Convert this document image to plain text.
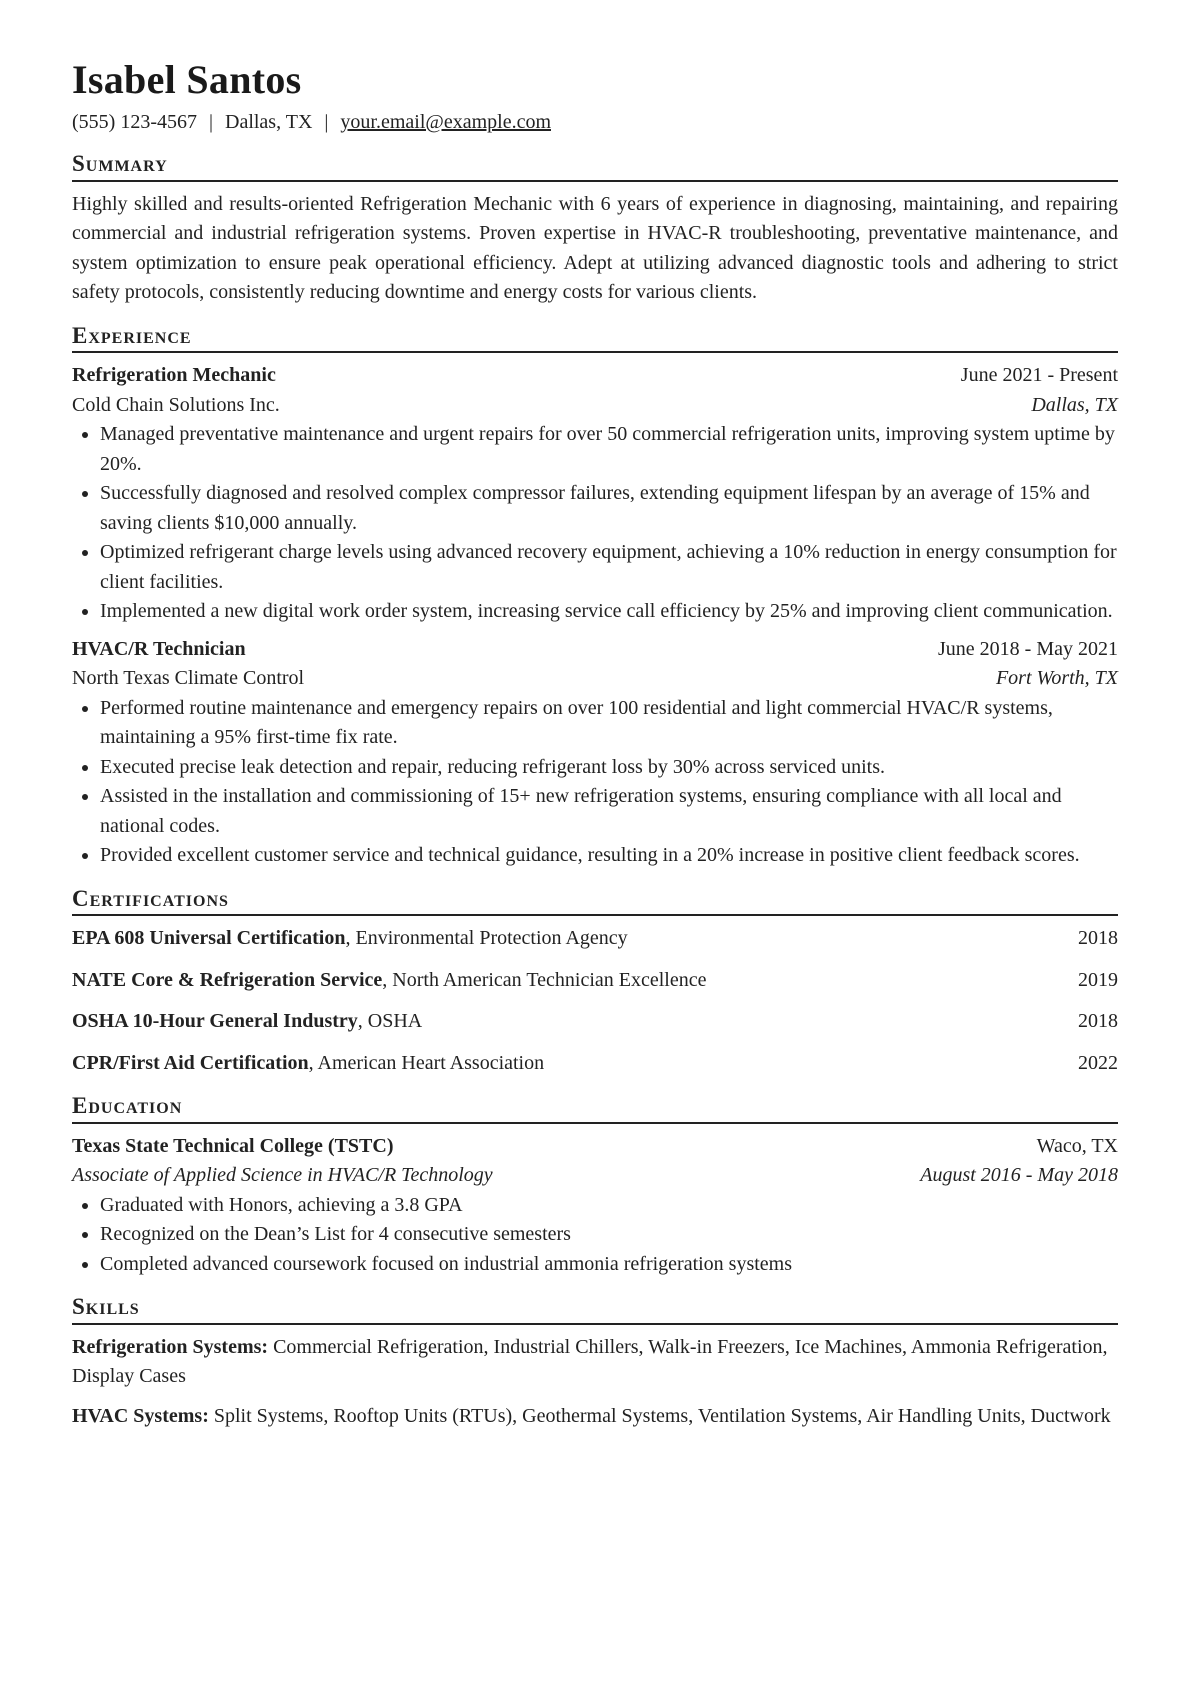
Isabel Santos
(555) 123-4567 | Dallas, TX | your.email@example.com
Summary

Highly skilled and results-oriented Refrigeration Mechanic with 6 years of experience in diagnosing, maintaining, and repairing commercial and industrial refrigeration systems. Proven expertise in HVAC-R troubleshooting, preventative maintenance, and system optimization to ensure peak operational efficiency. Adept at utilizing advanced diagnostic tools and adhering to strict safety protocols, consistently reducing downtime and energy costs for various clients.

Experience
Refrigeration Mechanic	June 2021 - Present
Cold Chain Solutions Inc.	Dallas, TX
• Managed preventative maintenance and urgent repairs for over 50 commercial refrigeration units, improving system uptime by 20%.
• Successfully diagnosed and resolved complex compressor failures, extending equipment lifespan by an average of 15% and saving clients $10,000 annually.
• Optimized refrigerant charge levels using advanced recovery equipment, achieving a 10% reduction in energy consumption for client facilities.
• Implemented a new digital work order system, increasing service call efficiency by 25% and improving client communication.
HVAC/R Technician	June 2018 - May 2021
North Texas Climate Control	Fort Worth, TX
• Performed routine maintenance and emergency repairs on over 100 residential and light commercial HVAC/R systems, maintaining a 95% first-time fix rate.
• Executed precise leak detection and repair, reducing refrigerant loss by 30% across serviced units.
• Assisted in the installation and commissioning of 15+ new refrigeration systems, ensuring compliance with all local and national codes.
• Provided excellent customer service and technical guidance, resulting in a 20% increase in positive client feedback scores.
Certifications
EPA 608 Universal Certification, Environmental Protection Agency	2018
NATE Core & Refrigeration Service, North American Technician Excellence	2019
OSHA 10-Hour General Industry, OSHA	2018
CPR/First Aid Certification, American Heart Association	2022
Education
Texas State Technical College (TSTC)	Waco, TX
Associate of Applied Science in HVAC/R Technology	August 2016 - May 2018
• Graduated with Honors, achieving a 3.8 GPA
• Recognized on the Dean’s List for 4 consecutive semesters
• Completed advanced coursework focused on industrial ammonia refrigeration systems
Skills

Refrigeration Systems: Commercial Refrigeration, Industrial Chillers, Walk-in Freezers, Ice Machines, Ammonia Refrigeration, Display Cases

HVAC Systems: Split Systems, Rooftop Units (RTUs), Geothermal Systems, Ventilation Systems, Air Handling Units, Ductwork
